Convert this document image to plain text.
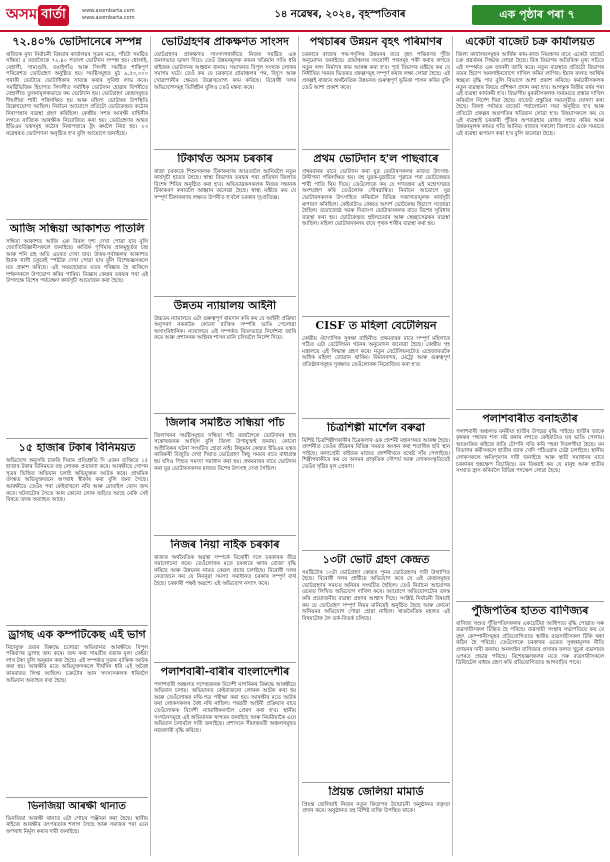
অসম বাৰ্তা	www.asombarta.com
www.asombarta.com	১৪ নৱেম্বৰ, ২০২৪, বৃহস্পতিবাৰ	এক পৃষ্ঠাৰ পৰা ৭
৭২.৪০% ভোটদানেৰে সম্পন্ন
ৰাজ্যিক মুখ্য নিৰ্বাচনী বিষয়াৰ কাৰ্যালয়ৰ সূত্ৰৰ মতে, পাঁচটা সমষ্টিত সন্ধিয়া ৫ বজালৈকে ৭২.৪০ শতাংশ ভোটদান সম্পন্ন হয়। ধোলাই, বেহালী, সামাগুৰি, বঙাইগাঁও আৰু সিদলী সমষ্টিত শান্তিপূৰ্ণ পৰিৱেশত ভোটগ্ৰহণ অনুষ্ঠিত হয়। সমষ্টিসমূহত মুঠ ৯,৫৩,০০০ গৰাকী ভোটাৰে ভোটাধিকাৰ সাব্যস্ত কৰাৰ সুবিধা লাভ কৰে। সমষ্টিভিত্তিক হিচাপত সিদলীত সৰ্বাধিক ভোটদান হোৱাৰ বিপৰীতে বেহালীত তুলনামূলকভাৱে কম ভোটদান হয়। ভোটগ্ৰহণ কেন্দ্ৰসমূহত দীঘলীয়া শাৰী পৰিলক্ষিত হয় আৰু মহিলা ভোটাৰৰ উপস্থিতি উল্লেখযোগ্য আছিল। নিৰ্বাচন আয়োগে প্ৰতিটো ভোটকেন্দ্ৰত কঠোৰ নিৰাপত্তাৰ ব্যৱস্থা গ্ৰহণ কৰিছিল। কেন্দ্ৰীয় সশস্ত্ৰ আৰক্ষী বাহিনীৰ লগতে ৰাজ্যিক আৰক্ষীক নিয়োজিত কৰা হয়। ভোটগ্ৰহণৰ অন্তত ইভিএম যন্ত্ৰসমূহ কঠোৰ নিৰাপত্তাৰে ষ্ট্ৰং ৰুমলৈ নিয়া হয়। ২৩ নৱেম্বৰত ভোটগণনা অনুষ্ঠিত হ'ব বুলি আয়োগে জনাইছে।
আজি সন্ধিয়া আকাশত পাতলি
সন্ধিয়া আকাশত আজি এক বিৰল দৃশ্য দেখা পোৱা যাব বুলি জ্যোতিৰ্বিজ্ঞানীসকলে জনাইছে। কাৰ্তিক পূৰ্ণিমাৰ প্ৰাকমুহূৰ্তত চন্দ্ৰ আৰু শনি গ্ৰহ অতি ওচৰত দেখা যাব। উত্তৰ-পূৰ্বাঞ্চলৰ আকাশত ইয়াক খালী চকুৰেই স্পষ্টকৈ দেখা পোৱা যাব বুলি বিশেষজ্ঞসকলে মত প্ৰকাশ কৰিছে। এই সময়ছোৱাত বতৰ পৰিষ্কাৰ হৈ থাকিলে দৰ্শকসকলে উপভোগ কৰিব পাৰিব। বিজ্ঞান কেন্দ্ৰৰ তৰফৰ পৰা এই উপলক্ষে বিশেষ পৰ্যবেক্ষণ কাৰ্যসূচী আয়োজন কৰা হৈছে।
১৫ হাজাৰ টকাৰ বিনিময়ত
অভিযোগ অনুসৰি চাকৰি দিয়াৰ প্ৰতিশ্ৰুতি দি এজন ব্যক্তিয়ে ১৫ হাজাৰ টকাৰ বিনিময়ত বহু লোকক প্ৰতাৰণা কৰে। আৰক্ষীয়ে গোপন সূত্ৰৰ ভিত্তিত অভিযান চলাই অভিযুক্তক আটক কৰে। প্ৰাথমিক তদন্তত অভিযুক্তজনে অপৰাধ স্বীকাৰ কৰা বুলি জনা গৈছে। আৰক্ষীয়ে তেওঁৰ পৰা কেইবাখনো নথি আৰু মোবাইল ফোন জব্দ কৰে। ঘটনাটোৰ সৈতে আন কোনো লোক জড়িত আছে নেকি সেই বিষয়ে তদন্ত অব্যাহত আছে।
ড্ৰাগছ এক কম্পটিকেছ এই ভাগ
নিচাযুক্ত দ্ৰব্যৰ বিৰুদ্ধে চলোৱা অভিযানত আৰক্ষীয়ে বিপুল পৰিমাণৰ ড্ৰাগছ জব্দ কৰে। জব্দ কৰা সামগ্ৰীৰ বজাৰ মূল্য কেইবা লাখ টকা বুলি অনুমান কৰা হৈছে। এই সম্পৰ্কত দুজন ব্যক্তিক আটক কৰা হয়। আৰক্ষীৰ মতে অভিযুক্তসকলে দীৰ্ঘদিন ধৰি এই অবৈধ কাৰবাৰত লিপ্ত আছিল। চক্ৰটোৰ আন সদস্যসকলক ধৰিবলৈ অভিযান অব্যাহত ৰখা হৈছে।
ভিনজিয়া আৰক্ষী থানাত
ভিনজিয়া আৰক্ষী থানাত এটা গোচৰ পঞ্জীয়ন কৰা হৈছে। স্থানীয় ৰাইজে আৰক্ষীৰ তৎপৰতাক শলাগ লৈছে আৰু সমাজৰ পৰা এনে অপৰাধ নিৰ্মূল কৰাৰ দাবী জনাইছে।
ভোটগ্ৰহণৰ প্ৰাকক্ষণত সাংসদ
ভোটগ্ৰহণৰ প্ৰাকক্ষণত সাংসদগৰাকীয়ে নিজৰ সমষ্টিত এক জনসভাত ভাষণ দিয়ে। তেওঁ উন্নয়নমূলক কামৰ খতিয়ান দাঙি ধৰি ৰাইজক ভোটদানৰ আহ্বান জনায়। সভাখনত বিপুল সংখ্যক লোকৰ সমাগম ঘটে। তেওঁ কয় যে চৰকাৰে গ্ৰামাঞ্চলৰ পথ, বিদ্যুৎ আৰু খোৱাপানীৰ ক্ষেত্ৰত উল্লেখযোগ্য কাম কৰিছে। বিৰোধী দলৰ অভিযোগসমূহ ভিত্তিহীন বুলিও তেওঁ মন্তব্য কৰে।
টিকাৰ্থত অসম চৰকাৰ
ৰাজ্য চৰকাৰে শিশুসকলক টিকাকৰণৰ আওতালৈ আনিবলৈ নতুন কাৰ্যসূচী হাতত লৈছে। স্বাস্থ্য বিভাগৰ তৰফৰ পৰা প্ৰতিখন জিলাত বিশেষ শিবিৰ অনুষ্ঠিত কৰা হ'ব। অভিভাৱকসকলক নিজৰ সন্তানক টিকাকৰণ কৰাবলৈ আহ্বান জনোৱা হৈছে। স্বাস্থ্য মন্ত্ৰীয়ে কয় যে সম্পূৰ্ণ টিকাকৰণৰ লক্ষ্যত উপনীত হ'বলৈ চৰকাৰ দৃঢ়প্ৰতিজ্ঞ।
উন্নতম ন্যায়ালয় আইনী
উচ্চতম ন্যায়ালয়ে এটা গুৰুত্বপূৰ্ণ ৰায়দান কৰি কয় যে আইনী প্ৰক্ৰিয়া অনুসৰণ নকৰাকৈ কোনো ব্যক্তিৰ সম্পত্তি ভাঙি পেলোৱা অসাংবিধানিক। ন্যায়ালয়ে এই সম্পৰ্কত বিতংভাৱে নিৰ্দেশনা জাৰি কৰে আৰু প্ৰশাসনক আইনৰ শাসন মানি চলিবলৈ নিৰ্দেশ দিয়ে।
জিলাৰ সমষ্টিত সন্ধিয়া পাঁচ
জিলাখনৰ সমষ্টিসমূহত সন্ধিয়া পাঁচ বজালৈকে ভোটদানৰ হাৰ সন্তোষজনক আছিল বুলি জিলা উপায়ুক্তই জনায়। কোনো অপ্ৰীতিকৰ ঘটনা সংঘটিত হোৱা নাই। কিছুমান কেন্দ্ৰত ইভিএম যন্ত্ৰত কাৰিকৰী বিজুতি দেখা দিয়াত ভোটগ্ৰহণ কিছু সময়ৰ বাবে বাধাগ্ৰস্ত হয় যদিও পিছত সমস্যা সমাধান কৰা হয়। প্ৰথমবাৰৰ বাবে ভোটদান কৰা যুৱ ভোটাৰসকলৰ মাজত বিশেষ উৎসাহ দেখা গৈছিল।
নিজৰ নিয়া নাইক চৰকাৰ
ৰাজ্যৰ অৰ্থনৈতিক অৱস্থা সম্পৰ্কে বিৰোধী দলে চৰকাৰক তীব্ৰ সমালোচনা কৰে। তেওঁলোকৰ মতে চৰকাৰে ঋণৰ বোজা বৃদ্ধি কৰিছে আৰু উন্নয়নৰ নামত কেৱল প্ৰচাৰ চলাইছে। বিৰোধী দলৰ নেতাজনে কয় যে নিবনুৱা সমস্যা সমাধানত চৰকাৰ সম্পূৰ্ণ ব্যৰ্থ হৈছে। চৰকাৰী পক্ষই অৱশ্যে এই অভিযোগ নস্যাৎ কৰে।
পলাশবাৰী-বাৰীৰ বাংলাদেশীৰ
পলাশবাৰী অঞ্চলত সন্দেহজনক বিদেশী নাগৰিকৰ বিৰুদ্ধে আৰক্ষীয়ে অভিযান চলায়। অভিযানত কেইবাজনো লোকক আটক কৰা হয় আৰু তেওঁলোকৰ নথি-পত্ৰ পৰীক্ষা কৰা হয়। আৰক্ষীৰ মতে আটক কৰা লোকসকলৰ বৈধ নথি নাছিল। পৰৱৰ্তী আইনী প্ৰক্ৰিয়াৰ বাবে তেওঁলোকক বিদেশী ন্যায়াধিকৰণলৈ প্ৰেৰণ কৰা হ'ব। স্থানীয় সংগঠনসমূহে এই অভিযানক স্বাগতম জনাইছে আৰু নিয়মীয়াকৈ এনে অভিযান চলাবলৈ দাবী জনাইছে। প্ৰশাসনে সীমান্তবৰ্তী অঞ্চলসমূহত নজৰদাৰী বৃদ্ধি কৰিছে।
পথচাৰৰ উন্নয়ন বৃহৎ পৰিমাণৰ
চৰকাৰে ৰাজ্যৰ পথ-পদূলিৰ উন্নয়নৰ বাবে বৃহৎ পৰিমাণৰ পুঁজি অনুমোদন জনাইছে। গ্ৰামাঞ্চলৰ সংযোগী পথসমূহ পকী কৰাৰ লগতে নতুন দলং নিৰ্মাণৰ কাম আৰম্ভ কৰা হ'ব। পূৰ্ত বিভাগৰ মন্ত্ৰীয়ে কয় যে নিৰ্ধাৰিত সময়ৰ ভিতৰত প্ৰকল্পসমূহ সম্পূৰ্ণ কৰাৰ লক্ষ্য লোৱা হৈছে। এই প্ৰকল্পই ৰাজ্যৰ অৰ্থনৈতিক উন্নয়নত গুৰুত্বপূৰ্ণ ভূমিকা পালন কৰিব বুলি তেওঁ আশা প্ৰকাশ কৰে।
প্ৰথম ভোটদান হ'ল পাছবাৰে
প্ৰথমবাৰৰ বাবে ভোটদান কৰা যুৱ ভোটাৰসকলৰ মাজত উৎসাহ-উদ্দীপনা পৰিলক্ষিত হয়। বহু যুৱক-যুৱতীয়ে পুৱাৰে পৰা ভোটকেন্দ্ৰত শাৰী পাতি থিয় দিয়ে। তেওঁলোকে কয় যে গণতন্ত্ৰৰ এই মহোৎসৱত অংশগ্ৰহণ কৰি তেওঁলোক গৌৰৱান্বিত। নিৰ্বাচন আয়োগে যুৱ ভোটাৰসকলক উৎসাহিত কৰিবলৈ বিভিন্ন সজাগতামূলক কাৰ্যসূচী ৰূপায়ণ কৰিছিল। কেইবাটাও কেন্দ্ৰত আদৰ্শ ভোটকেন্দ্ৰ হিচাপে সজোৱা হৈছিল। বয়োজ্যেষ্ঠ আৰু দিব্যাংগ ভোটাৰসকলৰ বাবে বিশেষ সুবিধাৰ ব্যৱস্থা কৰা হয়। ভোটকেন্দ্ৰত হুইলচেয়াৰ আৰু স্বেচ্ছাসেৱকৰ ব্যৱস্থা আছিল। মহিলা ভোটাৰসকলৰ বাবে পৃথক শাৰীৰ ব্যৱস্থা কৰা হয়।
CISF ত মহিলা বেটেলিয়ন
কেন্দ্ৰীয় ঔদ্যোগিক সুৰক্ষা বাহিনীত প্ৰথমবাৰৰ বাবে সম্পূৰ্ণ মহিলাৰে গঠিত এটা বেটেলিয়ন গঠনৰ অনুমোদন জনোৱা হৈছে। কেন্দ্ৰীয় গৃহ মন্ত্ৰালয়ে এই সিদ্ধান্ত গ্ৰহণ কৰে। নতুন বেটেলিয়নটোত এহেজাৰতকৈ অধিক মহিলা জোৱান থাকিব। বিমানবন্দৰ, মেট্ৰো আৰু গুৰুত্বপূৰ্ণ প্ৰতিষ্ঠানসমূহৰ সুৰক্ষাত তেওঁলোকক নিয়োজিত কৰা হ'ব।
চিত্ৰশিল্পী মাৰ্শেল বৰুৱা
বিশিষ্ট চিত্ৰশিল্পীগৰাকীৰ চিত্ৰকলাৰ এক প্ৰদৰ্শনী মহানগৰত আৰম্ভ হৈছে। প্ৰদৰ্শনীত তেওঁৰ জীৱনৰ বিভিন্ন সময়ত অংকন কৰা শতাধিক ছবি স্থান পাইছে। কলাপ্ৰেমী ৰাইজৰ মাজত প্ৰদৰ্শনীখনে যথেষ্ট সাঁৰ পেলাইছে। শিল্পীগৰাকীয়ে কয় যে অসমৰ প্ৰাকৃতিক সৌন্দৰ্য আৰু লোকসংস্কৃতিয়েই তেওঁৰ সৃষ্টিৰ মূল প্ৰেৰণা।
১৩টা ভোট গ্ৰহণ কেন্দ্ৰত
সমষ্টিটোৰ ১৩টা ভোটগ্ৰহণ কেন্দ্ৰত পুনৰ ভোটগ্ৰহণৰ দাবী উত্থাপিত হৈছে। বিৰোধী দলৰ প্ৰাৰ্থীয়ে অভিযোগ কৰে যে এই কেন্দ্ৰসমূহত ভোটগ্ৰহণৰ সময়ত অনিয়ম সংঘটিত হৈছিল। তেওঁ নিৰ্বাচন আয়োগৰ ওচৰত লিখিত অভিযোগ দাখিল কৰে। আয়োগে অভিযোগটোৰ তদন্ত কৰি প্ৰয়োজনীয় ব্যৱস্থা গ্ৰহণৰ আশ্বাস দিছে। সংশ্লিষ্ট নিৰ্বাচনী বিষয়াই কয় যে ভোটগ্ৰহণ সম্পূৰ্ণ নিয়ম মানিয়েই অনুষ্ঠিত হৈছে আৰু কোনো অনিয়মৰ অভিযোগ পোৱা হোৱা নাছিল। ৰাজনৈতিক মহলত এই বিষয়টোক লৈ তৰ্ক-বিতৰ্ক চলিছে।
প্ৰিয়ন্ত জেলিয়া মামাৰ্ড
প্ৰিয়ন্ত জেলিয়াই নিজৰ নতুন কিতাপৰ উন্মোচনী অনুষ্ঠানত বক্তৃতা প্ৰদান কৰে। অনুষ্ঠানত বহু বিশিষ্ট ব্যক্তি উপস্থিত থাকে।
একেটা বাজেট চক্ৰ কাৰ্যালয়ত
জিলা কাৰ্যালয়সমূহৰ আৰ্থিক কাম-কাজ নিয়ন্ত্ৰণৰ বাবে একেটা বাজেট চক্ৰ প্ৰৱৰ্তনৰ সিদ্ধান্ত লোৱা হৈছে। বিত্ত বিভাগৰ অতিৰিক্ত মুখ্য সচিবে এই সম্পৰ্কত এক জাননী জাৰি কৰে। নতুন ব্যৱস্থাত প্ৰতিটো বিভাগৰ ব্যয়ৰ হিচাপ অনলাইনযোগে দাখিল কৰিব লাগিব। ইয়াৰ ফলত আৰ্থিক স্বচ্ছতা বৃদ্ধি পাব বুলি বিভাগে আশা প্ৰকাশ কৰিছে। কৰ্মচাৰীসকলক নতুন ব্যৱস্থাৰ বিষয়ে প্ৰশিক্ষণ প্ৰদান কৰা হ'ব। আগন্তুক বিত্তীয় বৰ্ষৰ পৰা এই ব্যৱস্থা কাৰ্যকৰী হ'ব। বিভাগীয় মুৰব্বীসকলক সময়মতে প্ৰস্তাৱ দাখিল কৰিবলৈ নিৰ্দেশ দিয়া হৈছে। বাজেট প্ৰস্তুতিৰ সময়সূচীও ঘোষণা কৰা হৈছে। জিলা পৰ্যায়ত বাজেট পৰ্যালোচনা সভা অনুষ্ঠিত হ'ব আৰু প্ৰতিটো প্ৰকল্পৰ অগ্ৰগতিৰ খতিয়ান লোৱা হ'ব। বিষয়াসকলে কয় যে এই ব্যৱস্থাই চৰকাৰী পুঁজিৰ অপব্যৱহাৰ ৰোধত সহায় কৰিব আৰু উন্নয়নমূলক কামত গতি আনিব। ৰাজ্যৰ সকলো জিলাতে একে সময়তে এই ব্যৱস্থা ৰূপায়ণ কৰা হ'ব বুলি জনোৱা হৈছে।
পলাশবাৰীত বনাহতীৰ
পলাশবাৰী অঞ্চলত বনৰীয়া হাতীৰ উপদ্ৰৱ বৃদ্ধি পাইছে। হাতীৰ জাকে কৃষকৰ পথাৰৰ শস্য নষ্ট কৰাৰ লগতে কেইবাটাও ঘৰ ভাঙি পেলায়। আতংকিত ৰাইজে ৰাতি টোপনি খতি কৰি পহৰা দিবলগীয়া হৈছে। বন বিভাগৰ কৰ্মীসকলে হাতীৰ জাক খেদি পঠিওৱাৰ চেষ্টা চলাইছে। স্থানীয় লোকসকলে ক্ষতিপূৰণৰ দাবী জনাইছে আৰু স্থায়ী সমাধানৰ বাবে চৰকাৰৰ হস্তক্ষেপ বিচাৰিছে। বন বিষয়াই কয় যে মানুহ আৰু হাতীৰ সংঘাত হ্ৰাস কৰিবলৈ বিভিন্ন পদক্ষেপ লোৱা হৈছে।
পুঁজিপতিৰ হাতত বাণিজ্যৰ
বাণিজ্য খণ্ডত পুঁজিপতিসকলৰ একচেটিয়া আধিপত্য বৃদ্ধি পোৱাত সৰু ব্যৱসায়ীসকল চিন্তিত হৈ পৰিছে। ব্যৱসায়ী সংস্থাৰ সভাপতিয়ে কয় যে বৃহৎ কোম্পানীসমূহৰ প্ৰতিযোগিতাত স্থানীয় ব্যৱসায়ীসকল টিকি থকা কঠিন হৈ পৰিছে। তেওঁলোকে চৰকাৰৰ ওচৰত সুৰক্ষামূলক নীতি প্ৰণয়নৰ দাবী জনায়। অনলাইন বাণিজ্যৰ প্ৰসাৰৰ ফলত খুচুৰা ব্যৱসায়ৰ ওপৰত প্ৰভাৱ পৰিছে। বিশেষজ্ঞসকলৰ মতে সৰু ব্যৱসায়ীসকলে ডিজিটেল মাধ্যম গ্ৰহণ কৰি প্ৰতিযোগিতাত আগবাঢ়িব পাৰে।
